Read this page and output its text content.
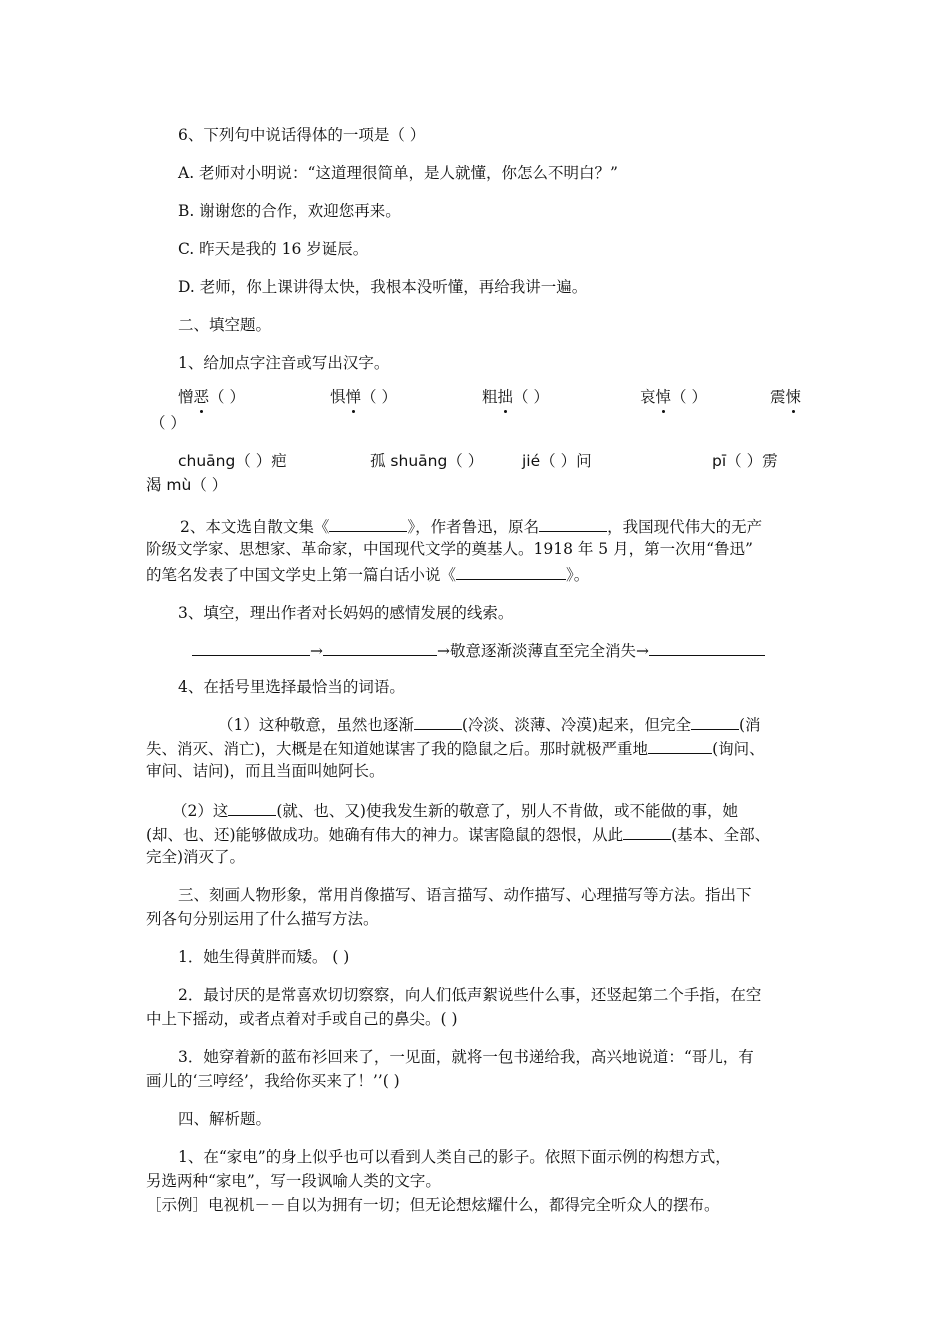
6、下列句中说话得体的一项是（ ）
A. 老师对小明说：“这道理很简单，是人就懂，你怎么不明白？”
B. 谢谢您的合作，欢迎您再来。
C. 昨天是我的 16 岁诞辰。
D. 老师，你上课讲得太快，我根本没听懂，再给我讲一遍。
二、填空题。
1、给加点字注音或写出汉字。
憎恶（ ）	惧惮（ ）	粗拙（ ）	哀悼（ ）	震悚
（ ）
chuāng（ ）疤	孤 shuāng（ ）	jié（ ）问	pī（ ）雳
渴 mù（ ）
2、本文选自散文集《	》，作者鲁迅，原名	，我国现代伟大的无产
阶级文学家、思想家、革命家，中国现代文学的奠基人。1918 年 5 月，第一次用“鲁迅”
的笔名发表了中国文学史上第一篇白话小说《	》。
3、填空，理出作者对长妈妈的感情发展的线索。
→	→敬意逐渐淡薄直至完全消失→
4、在括号里选择最恰当的词语。
（1）这种敬意，虽然也逐渐	(冷淡、淡薄、冷漠)起来，但完全	(消
失、消灭、消亡)，大概是在知道她谋害了我的隐鼠之后。那时就极严重地	(询问、
审问、诘问)，而且当面叫她阿长。
（2）这	(就、也、又)使我发生新的敬意了，别人不肯做，或不能做的事，她
(却、也、还)能够做成功。她确有伟大的神力。谋害隐鼠的怨恨，从此	(基本、全部、
完全)消灭了。
三、刻画人物形象，常用肖像描写、语言描写、动作描写、心理描写等方法。指出下
列各句分别运用了什么描写方法。
1．她生得黄胖而矮。 ( )
2．最讨厌的是常喜欢切切察察，向人们低声絮说些什么事，还竖起第二个手指，在空
中上下摇动，或者点着对手或自己的鼻尖。( )
3．她穿着新的蓝布衫回来了，一见面，就将一包书递给我，高兴地说道：“哥儿，有
画儿的‘三哼经’，我给你买来了！’’( )
四、解析题。
1、在“家电”的身上似乎也可以看到人类自己的影子。依照下面示例的构想方式，
另选两种“家电”，写一段讽喻人类的文字。
［示例］电视机－－自以为拥有一切；但无论想炫耀什么，都得完全听众人的摆布。
